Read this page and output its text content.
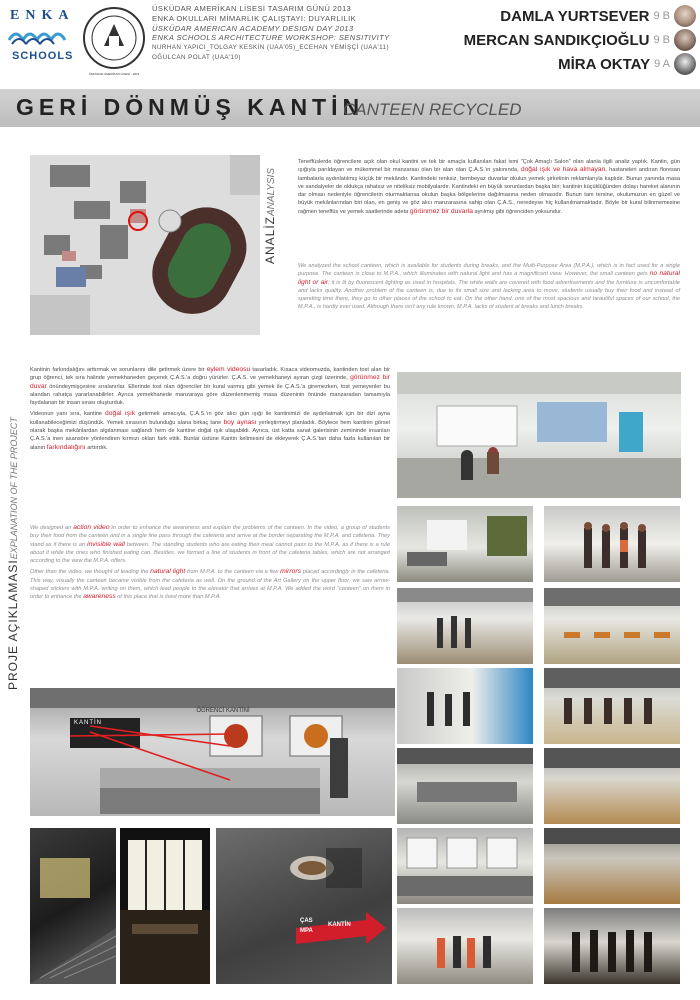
ENKA
SCHOOLS
ÜSKÜDAR AMERİKAN LİSESİ · 1876
ÜSKÜDAR AMERİKAN LİSESİ TASARIM GÜNÜ 2013
ENKA OKULLARI MİMARLIK ÇALIŞTAYI: DUYARLILIK
ÜSKÜDAR AMERICAN ACADEMY DESIGN DAY 2013
ENKA SCHOOLS ARCHITECTURE WORKSHOP: SENSITIVITY
NURHAN YAPICI_TOLGAY KESKİN (UAA'05)_ECEHAN YEMİŞÇİ (UAA'11)
OĞULCAN POLAT (UAA'10)
DAMLA YURTSEVER 9 B
MERCAN SANDIKÇIOĞLU 9 B
MİRA OKTAY 9 A
GERİ DÖNMÜŞ KANTİN
CANTEEN RECYCLED
ANALİZANALYSIS
Teneffüslerde öğrencilere açık olan okul kantini ve tek bir amaçla kullanılan fakat ismi "Çok Amaçlı Salon" olan alanla ilgili analiz yaptık. Kantin, gün ışığıyla parıldayan ve mükemmel bir manzarası olan bir alan olan Ç.A.S.'ın yakınında, doğal ışık ve hava almayan, hastaneleri andıran floresan lambalarla aydınlatılmış küçük bir mekândır. Kantindeki renksiz, bembeyaz duvarlar okulun yemek şirketinin reklamlarıyla kaplıdır. Bunun yanında masa ve sandalyeler de oldukça rahatsız ve niteliksiz mobilyalardır. Kantindeki en büyük sorunlardan başka biri; kantinin küçüklüğünden dolayı hareket alanının dar olması nedeniyle öğrencilerin oturmaktansa okulun başka bölgelerine dağılmasına neden olmasıdır. Bunun tam tersine, okulumuzun en güzel ve büyük mekânlarından biri olan, en geniş ve göz alıcı manzarasına sahip olan Ç.A.S., neredeyse hiç kullanılmamaktadır. Böyle bir kural bilinmemesine rağmen teneffüs ve yemek saatlerinde adeta görünmez bir duvarla ayrılmış gibi öğrenciden yoksundur.
We analyzed the school canteen, which is available for students during breaks, and the Multi-Purpose Area (M.P.A.), which is in fact used for a single purpose. The canteen is close to M.P.A., which illuminates with natural light and has a magnificent view. However, the small canteen gets no natural light or air; it is lit by fluorescent lighting as used in hospitals. The white walls are covered with food advertisements and the furniture is uncomfortable and lacks quality. Another problem of the canteen is, due to its small size and lacking area to move, students usually buy their food and instead of spending time there, they go to other places of the school to eat. On the other hand, one of the most spacious and beautiful spaces of our school, the M.P.A., is hardly ever used. Although there isn't any rule known, M.P.A. lacks of student at breaks and lunch breaks.
PROJE AÇIKLAMASIEXPLANATION OF THE PROJECT
Kantinin farkındalığını arttırmak ve sorunlarını dile getirmek üzere bir eylem videosu tasarladık. Kısaca videomuzda, kantinden tost alan bir grup öğrenci, tek sıra halinde yemekhaneden geçerek Ç.A.S.'a doğru yürürler. Ç.A.S. ve yemekhaneyi ayıran çizgi üzerinde, görünmez bir duvar önündeymişçesine sıralanırlar. Ellerinde tost olan öğrenciler bir kural varmış gibi yemek ile Ç.A.S.'a giremezken, tost yemeyenler bu alandan rahatça yararlanabilirler. Ayrıca yemekhanede manzaraya göre düzenlenmemiş masa düzeninin önünde manzaradan tamamıyla faydalanan bir insan sırası oluşturduk.
Videonun yanı sıra, kantine doğal ışık getirmek amacıyla, Ç.A.S.'ın göz alıcı gün ışığı ile kantinimizi de aydınlatmak için bir dizi ayna kullanabileceğimizi düşündük. Yemek sırasının bulunduğu alana birkaç tane boy aynası yerleştirmeyi planladık. Böylece hem kantinin görsel olarak başka mekânlardan algılanması sağlandı hem de kantine doğal ışık ulaşabildi. Ayrıca, üst katta sanat galerisinin zemininde insanları Ç.A.S.'a inen asansöre yönlendiren kırmızı okları fark ettik. Bunlar üstüne Kantin kelimesini de ekleyerek Ç.A.S.'tan daha fazla kullanılan bir alanın farkındalığını arttırdık.
We designed an action video in order to enhance the awareness and explain the problems of the canteen. In the video, a group of students buy their food from the canteen and in a single line pass through the cafeteria and arrive at the border separating the M.P.A. and cafeteria. They stand as if there is an invisible wall between. The standing students who are eating their meal cannot pass to the M.P.A. as if there is a rule about it while the ones who finished eating can. Besides, we formed a line of students in front of the cafeteria tables, which are not arranged according to the view the M.P.A. offers.
Other than the video, we thought of leading the natural light from M.P.A. to the canteen via a few mirrors placed accordingly in the cafeteria. This way, visually the canteen became visible from the cafeteria as well. On the ground of the Art Gallery on the upper floor, we saw arrow-shaped stickers with M.P.A. writing on them, which lead people to the elevator that arrives at M.P.A. We added the word "canteen" on them in order to enhance the awareness of this place that is lived more than M.P.A.
KANTİN
ÖĞRENCİ KANTİNİ
ÇAS
MPA
KANTİN
